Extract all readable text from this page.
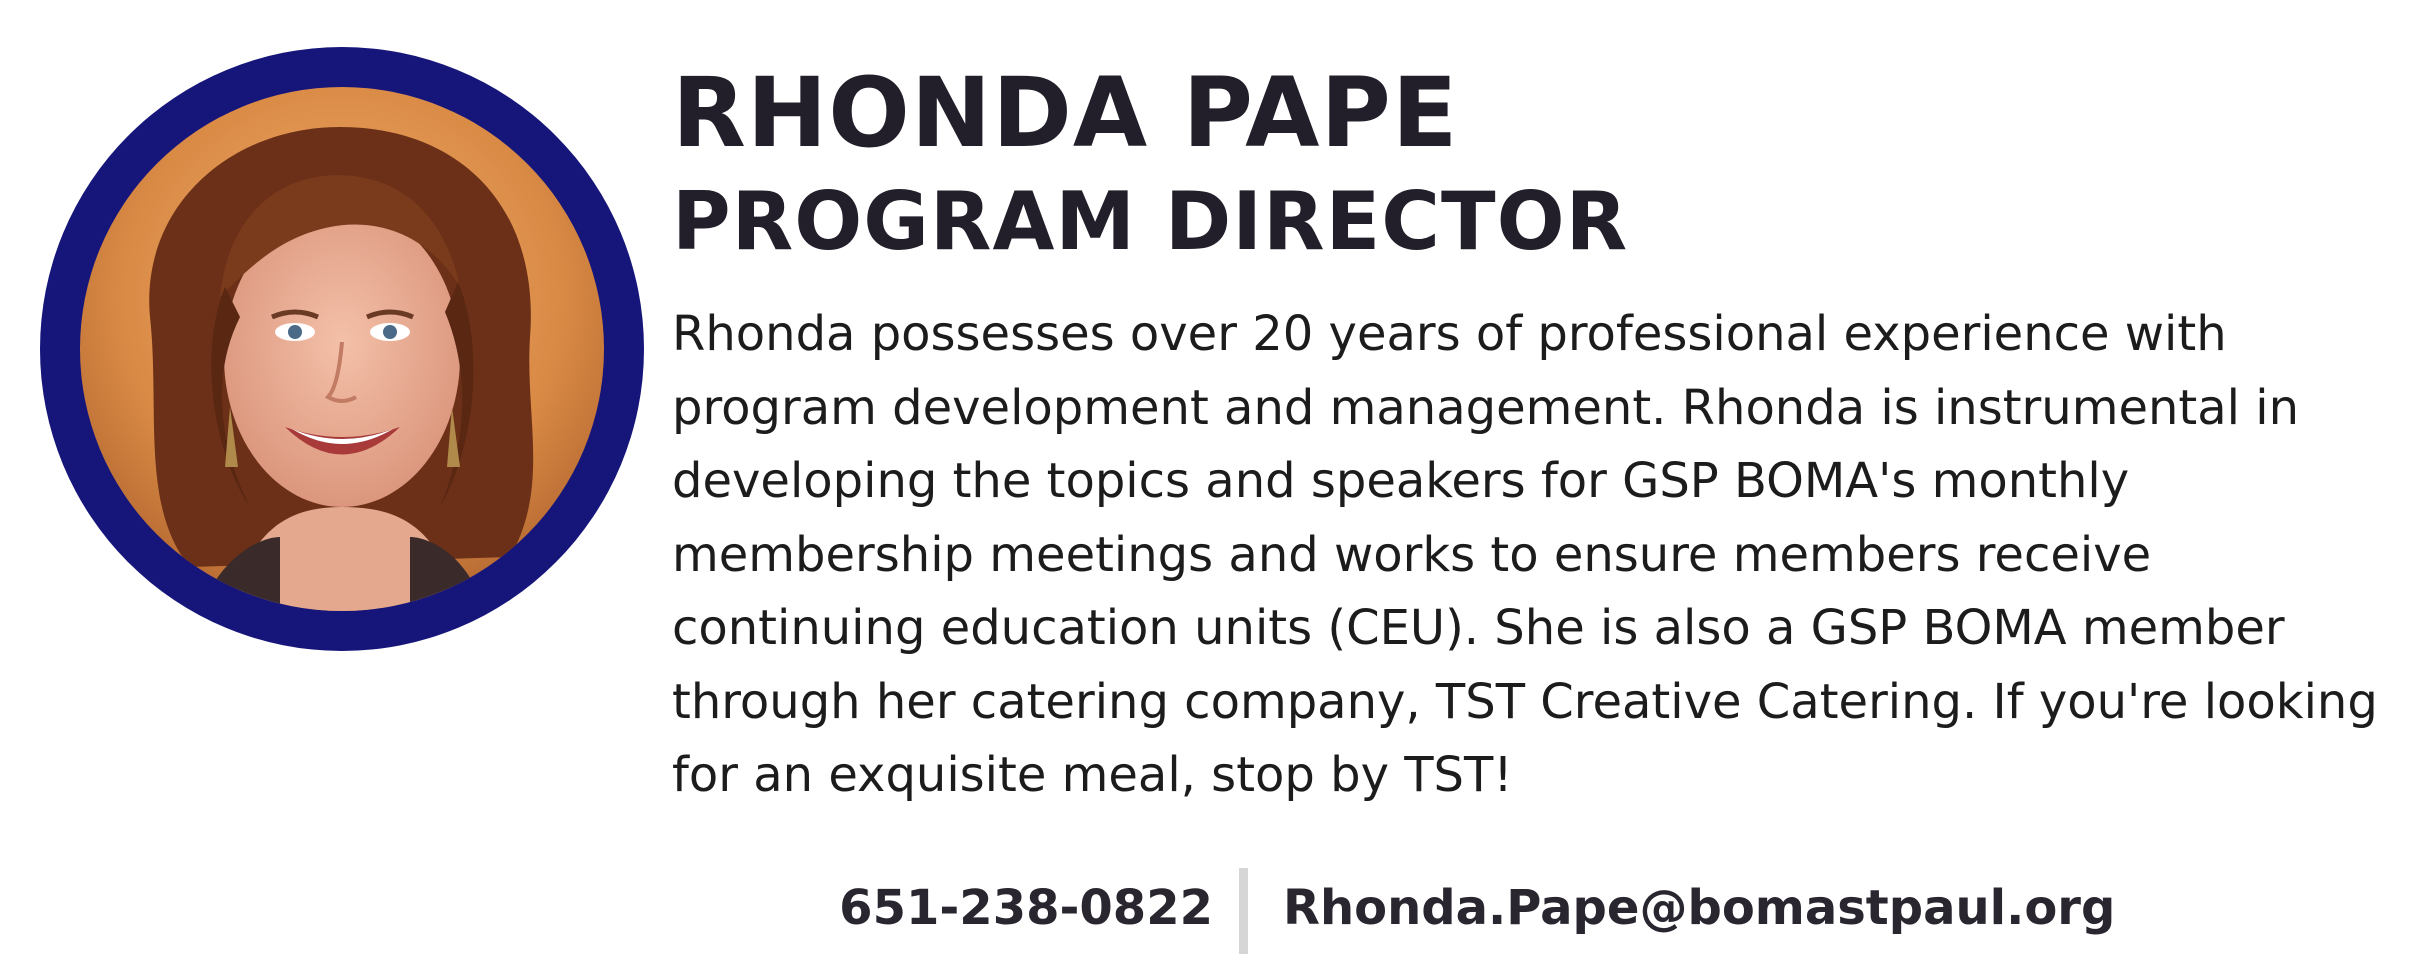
RHONDA PAPE
PROGRAM DIRECTOR

Rhonda possesses over 20 years of professional experience with program development and management. Rhonda is instrumental in developing the topics and speakers for GSP BOMA's monthly membership meetings and works to ensure members receive continuing education units (CEU). She is also a GSP BOMA member through her catering company, TST Creative Catering. If you're looking for an exquisite meal, stop by TST!

651-238-0822 Rhonda.Pape@bomastpaul.org
